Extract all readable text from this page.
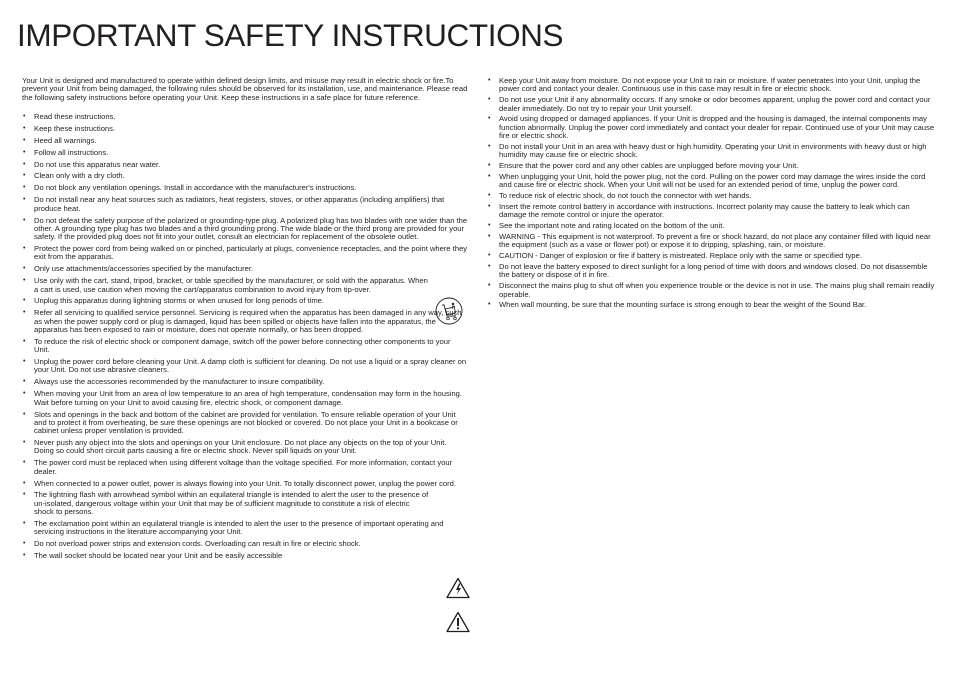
IMPORTANT SAFETY INSTRUCTIONS

Your Unit is designed and manufactured to operate within defined design limits, and misuse may result in electric shock or fire.To prevent your Unit from being damaged, the following rules should be observed for its installation, use, and maintenance. Please read the following safety instructions before operating your Unit. Keep these instructions in a safe place for future reference.

• Read these instructions.
• Keep these instructions.
• Heed all warnings.
• Follow all instructions.
• Do not use this apparatus near water.
• Clean only with a dry cloth.
• Do not block any ventilation openings. Install in accordance with the manufacturer's instructions.
• Do not install near any heat sources such as radiators, heat registers, stoves, or other apparatus (including amplifiers) that produce heat.
• Do not defeat the safety purpose of the polarized or grounding-type plug. A polarized plug has two blades with one wider than the other. A grounding type plug has two blades and a third grounding prong. The wide blade or the third prong are provided for your safety. If the provided plug does not fit into your outlet, consult an electrician for replacement of the obsolete outlet.
• Protect the power cord from being walked on or pinched, particularly at plugs, convenience receptacles, and the point where they exit from the apparatus.
• Only use attachments/accessories specified by the manufacturer.
• Use only with the cart, stand, tripod, bracket, or table specified by the manufacturer, or sold with the apparatus. When a cart is used, use caution when moving the cart/apparatus combination to avoid injury from tip-over.
• Unplug this apparatus during lightning storms or when unused for long periods of time.
• Refer all servicing to qualified service personnel. Servicing is required when the apparatus has been damaged in any way, such as when the power supply cord or plug is damaged, liquid has been spilled or objects have fallen into the apparatus, the apparatus has been exposed to rain or moisture, does not operate normally, or has been dropped.
• To reduce the risk of electric shock or component damage, switch off the power before connecting other components to your Unit.
• Unplug the power cord before cleaning your Unit. A damp cloth is sufficient for cleaning. Do not use a liquid or a spray cleaner on your Unit. Do not use abrasive cleaners.
• Always use the accessories recommended by the manufacturer to insure compatibility.
• When moving your Unit from an area of low temperature to an area of high temperature, condensation may form in the housing. Wait before turning on your Unit to avoid causing fire, electric shock, or component damage.
• Slots and openings in the back and bottom of the cabinet are provided for ventilation. To ensure reliable operation of your Unit and to protect it from overheating, be sure these openings are not blocked or covered. Do not place your Unit in a bookcase or cabinet unless proper ventilation is provided.
• Never push any object into the slots and openings on your Unit enclosure. Do not place any objects on the top of your Unit. Doing so could short circuit parts causing a fire or electric shock. Never spill liquids on your Unit.
• The power cord must be replaced when using different voltage than the voltage specified. For more information, contact your dealer.
• When connected to a power outlet, power is always flowing into your Unit. To totally disconnect power, unplug the power cord.
• The lightning flash with arrowhead symbol within an equilateral triangle is intended to alert the user to the presence of un-isolated, dangerous voltage within your Unit that may be of sufficient magnitude to constitute a risk of electric shock to persons.
• The exclamation point within an equilateral triangle is intended to alert the user to the presence of important operating and servicing instructions in the literature accompanying your Unit.
• Do not overload power strips and extension cords. Overloading can result in fire or electric shock.
• The wall socket should be located near your Unit and be easily accessible
• Keep your Unit away from moisture. Do not expose your Unit to rain or moisture. If water penetrates into your Unit, unplug the power cord and contact your dealer. Continuous use in this case may result in fire or electric shock.
• Do not use your Unit if any abnormality occurs. If any smoke or odor becomes apparent, unplug the power cord and contact your dealer immediately. Do not try to repair your Unit yourself.
• Avoid using dropped or damaged appliances. If your Unit is dropped and the housing is damaged, the internal components may function abnormally. Unplug the power cord immediately and contact your dealer for repair. Continued use of your Unit may cause fire or electric shock.
• Do not install your Unit in an area with heavy dust or high humidity. Operating your Unit in environments with heavy dust or high humidity may cause fire or electric shock.
• Ensure that the power cord and any other cables are unplugged before moving your Unit.
• When unplugging your Unit, hold the power plug, not the cord. Pulling on the power cord may damage the wires inside the cord and cause fire or electric shock. When your Unit will not be used for an extended period of time, unplug the power cord.
• To reduce risk of electric shock, do not touch the connector with wet hands.
• Insert the remote control battery in accordance with instructions. Incorrect polarity may cause the battery to leak which can damage the remote control or injure the operator.
• See the important note and rating located on the bottom of the unit.
• WARNING - This equipment is not waterproof. To prevent a fire or shock hazard, do not place any container filled with liquid near the equipment (such as a vase or flower pot) or expose it to dripping, splashing, rain, or moisture.
• CAUTION - Danger of explosion or fire if battery is mistreated. Replace only with the same or specified type.
• Do not leave the battery exposed to direct sunlight for a long period of time with doors and windows closed. Do not disassemble the battery or dispose of it in fire.
• Disconnect the mains plug to shut off when you experience trouble or the device is not in use. The mains plug shall remain readily operable.
• When wall mounting, be sure that the mounting surface is strong enough to bear the weight of the Sound Bar.
